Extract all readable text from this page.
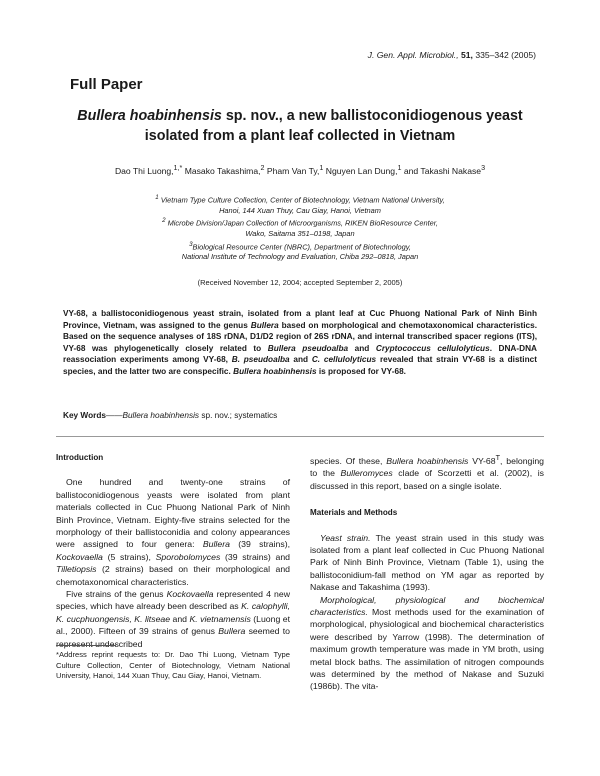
J. Gen. Appl. Microbiol., 51, 335–342 (2005)
Full Paper
Bullera hoabinhensis sp. nov., a new ballistoconidiogenous yeast
isolated from a plant leaf collected in Vietnam
Dao Thi Luong,$^{1,*}$ Masako Takashima,$^2$ Pham Van Ty,$^1$ Nguyen Lan Dung,$^1$ and Takashi Nakase$^3$
$^1$ Vietnam Type Culture Collection, Center of Biotechnology, Vietnam National University,
Hanoi, 144 Xuan Thuy, Cau Giay, Hanoi, Vietnam
$^2$ Microbe Division/Japan Collection of Microorganisms, RIKEN BioResource Center,
Wako, Saitama 351–0198, Japan
$^3$Biological Resource Center (NBRC), Department of Biotechnology,
National Institute of Technology and Evaluation, Chiba 292–0818, Japan
(Received November 12, 2004; accepted September 2, 2005)
VY-68, a ballistoconidiogenous yeast strain, isolated from a plant leaf at Cuc Phuong National Park of Ninh Binh Province, Vietnam, was assigned to the genus Bullera based on morphological and chemotaxonomical characteristics. Based on the sequence analyses of 18S rDNA, D1/D2 region of 26S rDNA, and internal transcribed spacer regions (ITS), VY-68 was phylogenetically closely related to Bullera pseudoalba and Cryptococcus cellulolyticus. DNA-DNA reassociation experiments among VY-68, B. pseudoalba and C. cellulolyticus revealed that strain VY-68 is a distinct species, and the latter two are conspecific. Bullera hoabinhensis is proposed for VY-68.
Key Words——Bullera hoabinhensis sp. nov.; systematics

Introduction

One hundred and twenty-one strains of ballistoconidiogenous yeasts were isolated from plant materials collected in Cuc Phuong National Park of Ninh Binh Province, Vietnam. Eighty-five strains selected for the morphology of their ballistoconidia and colony appearances were assigned to four genera: Bullera (39 strains), Kockovaella (5 strains), Sporobolomyces (39 strains) and Tilletiopsis (2 strains) based on their morphological and chemotaxonomical characteristics.

Five strains of the genus Kockovaella represented 4 new species, which have already been described as K. calophylli, K. cucphuongensis, K. litseae and K. vietnamensis (Luong et al., 2000). Fifteen of 39 strains of genus Bullera seemed to represent undescribed

*Address reprint requests to: Dr. Dao Thi Luong, Vietnam Type Culture Collection, Center of Biotechnology, Vietnam National University, Hanoi, 144 Xuan Thuy, Cau Giay, Hanoi, Vietnam.

species. Of these, Bullera hoabinhensis $VY-68^T$, belonging to the Bulleromyces clade of Scorzetti et al. (2002), is discussed in this report, based on a single isolate.

Materials and Methods

Yeast strain. The yeast strain used in this study was isolated from a plant leaf collected in Cuc Phuong National Park of Ninh Binh Province, Vietnam (Table 1), using the ballistoconidium-fall method on YM agar as reported by Nakase and Takashima (1993).

Morphological, physiological and biochemical characteristics. Most methods used for the examination of morphological, physiological and biochemical characteristics were described by Yarrow (1998). The determination of maximum growth temperature was made in YM broth, using metal block baths. The assimilation of nitrogen compounds was determined by the method of Nakase and Suzuki (1986b). The vita-
